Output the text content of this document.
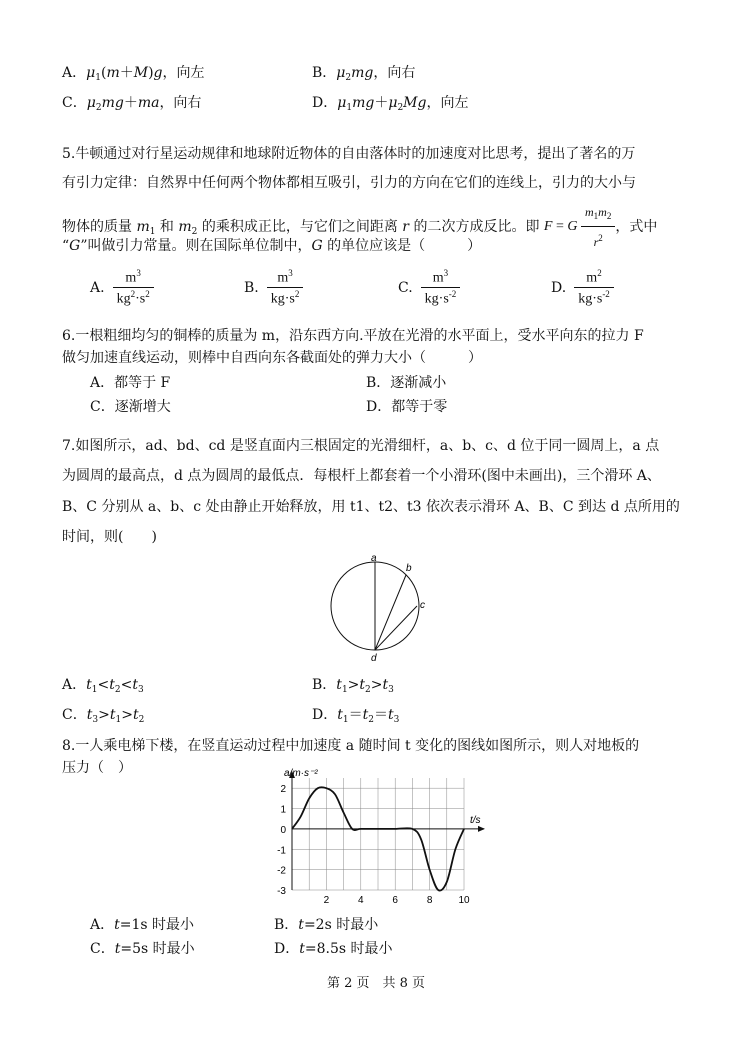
A．$\mu_1(m+M)g$，向左	B．$\mu_2mg$，向右
C．$\mu_2mg+ma$，向右	D．$\mu_1mg+\mu_2Mg$，向左
5.牛顿通过对行星运动规律和地球附近物体的自由落体时的加速度对比思考，提出了著名的万
有引力定律：自然界中任何两个物体都相互吸引，引力的方向在它们的连线上，引力的大小与
物体的质量 $m_1$ 和 $m_2$ 的乘积成正比，与它们之间距离 r 的二次方成反比。即 F = G $\frac{m_1m_2}{r^2}$ ，式中
“G”叫做引力常量。则在国际单位制中，G 的单位应该是（　　　）
A. $\frac{m^3}{kg^2\cdot s^2}$	B. $\frac{m^3}{kg\cdot s^2}$	C. $\frac{m^3}{kg\cdot s^{-2}}$	D. $\frac{m^2}{kg\cdot s^{-2}}$
6.一根粗细均匀的铜棒的质量为 m，沿东西方向.平放在光滑的水平面上，受水平向东的拉力 F
做匀加速直线运动，则棒中自西向东各截面处的弹力大小（　　　）
A．都等于 F	B．逐渐减小
C．逐渐增大	D．都等于零
7.如图所示，ad、bd、cd 是竖直面内三根固定的光滑细杆，a、b、c、d 位于同一圆周上，a 点
为圆周的最高点，d 点为圆周的最低点．每根杆上都套着一个小滑环(图中未画出)，三个滑环 A、
B、C 分别从 a、b、c 处由静止开始释放，用 t1、t2、t3 依次表示滑环 A、B、C 到达 d 点所用的
时间，则(　　)
a
b
c
d
A．$t_1<t_2<t_3$	B．$t_1>t_2>t_3$
C．$t_3>t_1>t_2$	D．$t_1=t_2=t_3$
8.一人乘电梯下楼，在竖直运动过程中加速度 a 随时间 t 变化的图线如图所示，则人对地板的
压力（　）
2
1
0
-1
-2
-3
2	4	6	8	10
a/m·s⁻²
t/s
A．t=1s 时最小	B．t=2s 时最小
C．t=5s 时最小	D．t=8.5s 时最小
第 2 页　共 8 页
